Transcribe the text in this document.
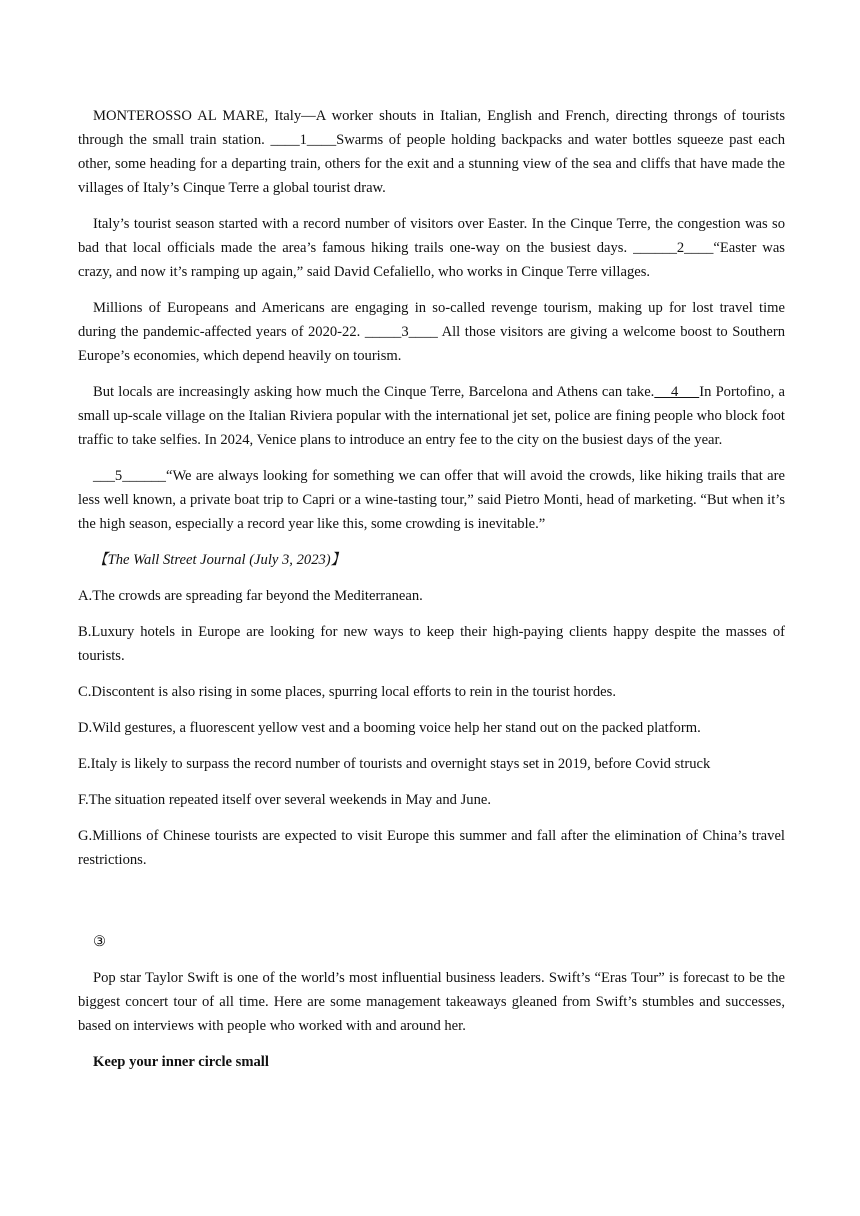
MONTEROSSO AL MARE, Italy—A worker shouts in Italian, English and French, directing throngs of tourists through the small train station. ____1____Swarms of people holding backpacks and water bottles squeeze past each other, some heading for a departing train, others for the exit and a stunning view of the sea and cliffs that have made the villages of Italy’s Cinque Terre a global tourist draw.

Italy’s tourist season started with a record number of visitors over Easter. In the Cinque Terre, the congestion was so bad that local officials made the area’s famous hiking trails one-way on the busiest days. ______2____“Easter was crazy, and now it’s ramping up again,” said David Cefaliello, who works in Cinque Terre villages.

Millions of Europeans and Americans are engaging in so-called revenge tourism, making up for lost travel time during the pandemic-affected years of 2020-22. _____3____ All those visitors are giving a welcome boost to Southern Europe’s economies, which depend heavily on tourism.

But locals are increasingly asking how much the Cinque Terre, Barcelona and Athens can take.    4     In Portofino, a small up-scale village on the Italian Riviera popular with the international jet set, police are fining people who block foot traffic to take selfies. In 2024, Venice plans to introduce an entry fee to the city on the busiest days of the year.

___5______“We are always looking for something we can offer that will avoid the crowds, like hiking trails that are less well known, a private boat trip to Capri or a wine-tasting tour,” said Pietro Monti, head of marketing. “But when it’s the high season, especially a record year like this, some crowding is inevitable.”

【The Wall Street Journal (July 3, 2023)】

A.The crowds are spreading far beyond the Mediterranean.

B.Luxury hotels in Europe are looking for new ways to keep their high-paying clients happy despite the masses of tourists.

C.Discontent is also rising in some places, spurring local efforts to rein in the tourist hordes.

D.Wild gestures, a fluorescent yellow vest and a booming voice help her stand out on the packed platform.

E.Italy is likely to surpass the record number of tourists and overnight stays set in 2019, before Covid struck

F.The situation repeated itself over several weekends in May and June.

G.Millions of Chinese tourists are expected to visit Europe this summer and fall after the elimination of China’s travel restrictions.

③

Pop star Taylor Swift is one of the world’s most influential business leaders. Swift’s “Eras Tour” is forecast to be the biggest concert tour of all time. Here are some management takeaways gleaned from Swift’s stumbles and successes, based on interviews with people who worked with and around her.

Keep your inner circle small
